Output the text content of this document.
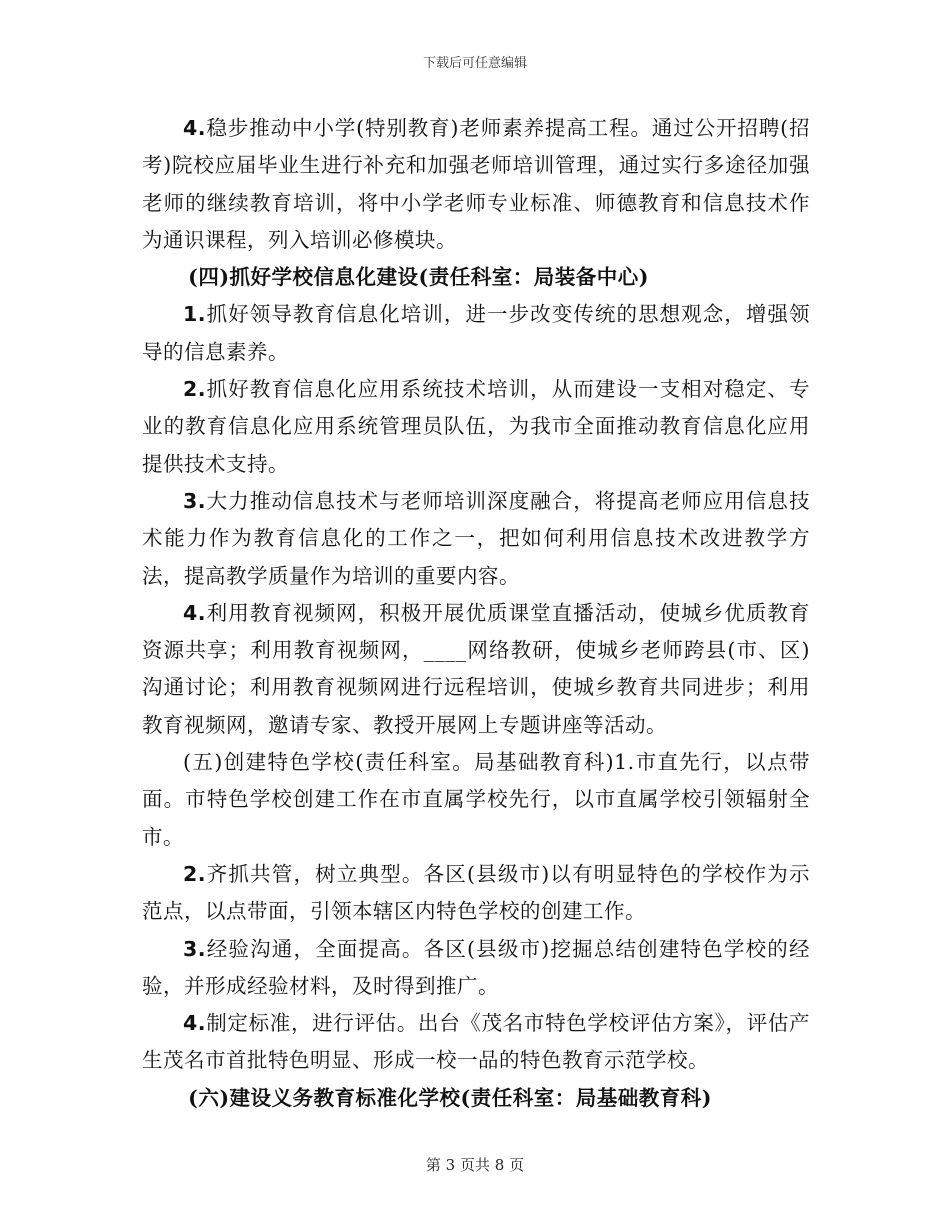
下载后可任意编辑

4.稳步推动中小学(特别教育)老师素养提高工程。通过公开招聘(招考)院校应届毕业生进行补充和加强老师培训管理，通过实行多途径加强老师的继续教育培训，将中小学老师专业标准、师德教育和信息技术作为通识课程，列入培训必修模块。

(四)抓好学校信息化建设(责任科室：局装备中心)

1.抓好领导教育信息化培训，进一步改变传统的思想观念，增强领导的信息素养。

2.抓好教育信息化应用系统技术培训，从而建设一支相对稳定、专业的教育信息化应用系统管理员队伍，为我市全面推动教育信息化应用提供技术支持。

3.大力推动信息技术与老师培训深度融合，将提高老师应用信息技术能力作为教育信息化的工作之一，把如何利用信息技术改进教学方法，提高教学质量作为培训的重要内容。

4.利用教育视频网，积极开展优质课堂直播活动，使城乡优质教育资源共享；利用教育视频网，____网络教研，使城乡老师跨县(市、区)沟通讨论；利用教育视频网进行远程培训，使城乡教育共同进步；利用教育视频网，邀请专家、教授开展网上专题讲座等活动。

(五)创建特色学校(责任科室。局基础教育科)1.市直先行，以点带面。市特色学校创建工作在市直属学校先行，以市直属学校引领辐射全市。

2.齐抓共管，树立典型。各区(县级市)以有明显特色的学校作为示范点，以点带面，引领本辖区内特色学校的创建工作。

3.经验沟通，全面提高。各区(县级市)挖掘总结创建特色学校的经验，并形成经验材料，及时得到推广。

4.制定标准，进行评估。出台《茂名市特色学校评估方案》，评估产生茂名市首批特色明显、形成一校一品的特色教育示范学校。

(六)建设义务教育标准化学校(责任科室：局基础教育科)

第 3 页共 8 页
